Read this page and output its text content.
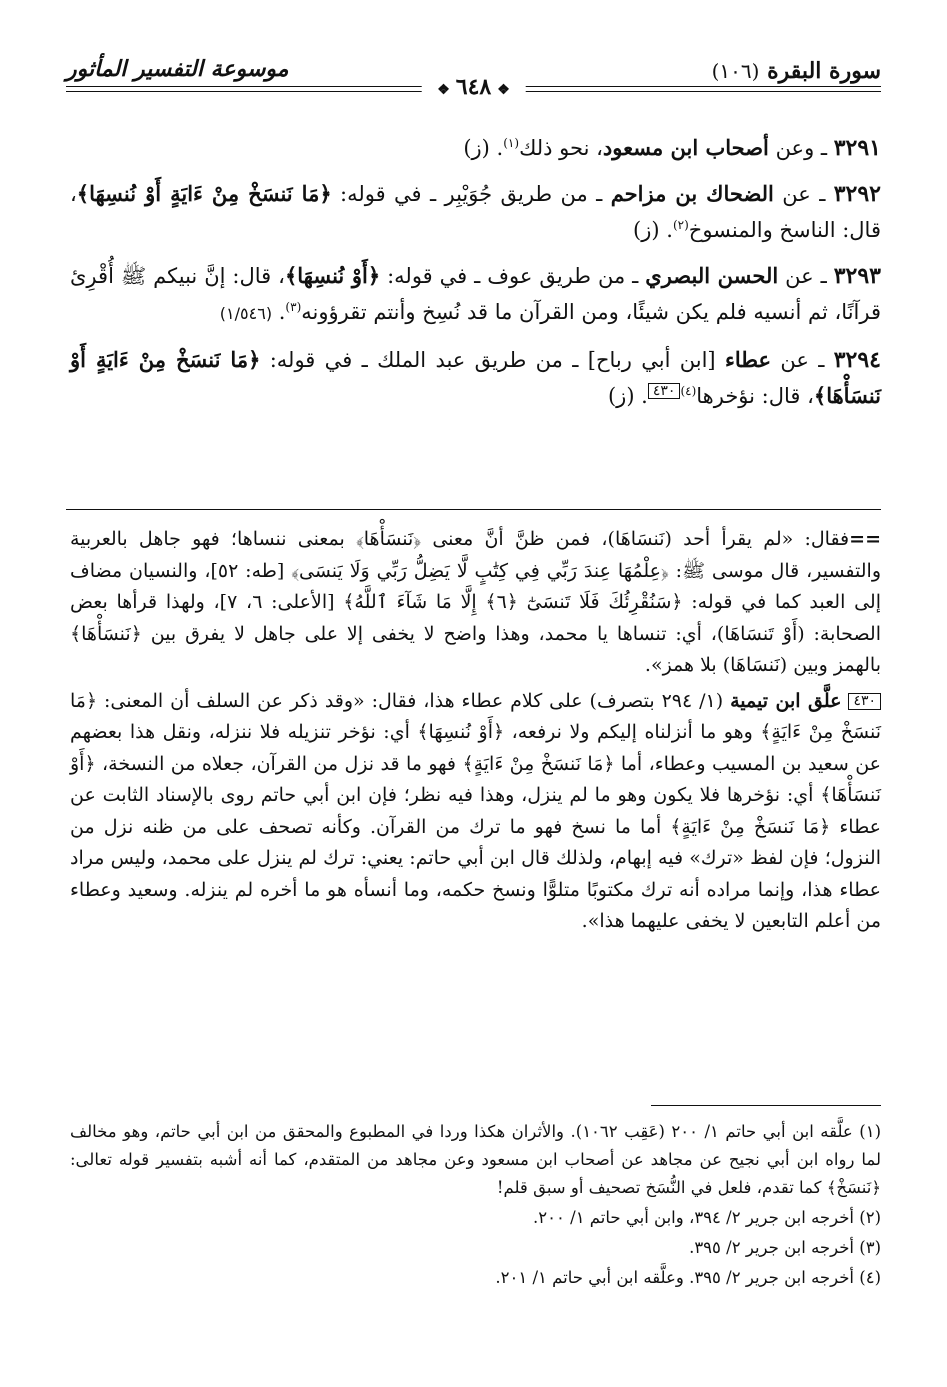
سورة البقرة (١٠٦)
موسوعة التفسير المأثور
❖٦٤٨❖

٣٢٩١ ـ وعن أصحاب ابن مسعود، نحو ذلك$^{(١)}$. (ز)

٣٢٩٢ ـ عن الضحاك بن مزاحم ـ من طريق جُوَيْبِر ـ في قوله: ﴿مَا نَنسَخْ مِنْ ءَايَةٍ أَوْ نُنسِهَا﴾، قال: الناسخ والمنسوخ$^{(٢)}$. (ز)

٣٢٩٣ ـ عن الحسن البصري ـ من طريق عوف ـ في قوله: ﴿أَوْ نُنسِهَا﴾، قال: إنَّ نبيكم ﷺ أُقْرِئ قرآنًا، ثم أنسيه فلم يكن شيئًا، ومن القرآن ما قد نُسِخ وأنتم تقرؤونه$^{(٣)}$. (١/٥٤٦)

٣٢٩٤ ـ عن عطاء [ابن أبي رباح] ـ من طريق عبد الملك ـ في قوله: ﴿مَا نَنسَخْ مِنْ ءَايَةٍ أَوْ نَنسَأْهَا﴾، قال: نؤخرها$^{(٤)}$٤٣٠. (ز)

==فقال: «لم يقرأ أحد (نَنسَاهَا)، فمن ظنَّ أنَّ معنى ﴿نَنسَأْهَا﴾ بمعنى ننساها؛ فهو جاهل بالعربية والتفسير، قال موسى ﷺ: ﴿عِلْمُهَا عِندَ رَبِّي فِي كِتَٰبٍ لَّا يَضِلُّ رَبِّي وَلَا يَنسَى﴾ [طه: ٥٢]، والنسيان مضاف إلى العبد كما في قوله: ﴿سَنُقْرِئُكَ فَلَا تَنسَىٰٓ ﴿٦﴾ إِلَّا مَا شَآءَ ٱللَّهُ﴾ [الأعلى: ٦، ٧]، ولهذا قرأها بعض الصحابة: (أَوْ تَنسَاهَا)، أي: تنساها يا محمد، وهذا واضح لا يخفى إلا على جاهل لا يفرق بين ﴿نَنسَأْهَا﴾ بالهمز وبين (نَنسَاهَا) بلا همز».

٤٣٠ علَّق ابن تيمية (١/ ٢٩٤ بتصرف) على كلام عطاء هذا، فقال: «وقد ذكر عن السلف أن المعنى: ﴿مَا نَنسَخْ مِنْ ءَايَةٍ﴾ وهو ما أنزلناه إليكم ولا نرفعه، ﴿أَوْ نُنسِهَا﴾ أي: نؤخر تنزيله فلا ننزله، ونقل هذا بعضهم عن سعيد بن المسيب وعطاء، أما ﴿مَا نَنسَخْ مِنْ ءَايَةٍ﴾ فهو ما قد نزل من القرآن، جعلاه من النسخة، ﴿أَوْ نَنسَأْهَا﴾ أي: نؤخرها فلا يكون وهو ما لم ينزل، وهذا فيه نظر؛ فإن ابن أبي حاتم روى بالإسناد الثابت عن عطاء ﴿مَا نَنسَخْ مِنْ ءَايَةٍ﴾ أما ما نسخ فهو ما ترك من القرآن. وكأنه تصحف على من ظنه نزل من النزول؛ فإن لفظ «ترك» فيه إبهام، ولذلك قال ابن أبي حاتم: يعني: ترك لم ينزل على محمد، وليس مراد عطاء هذا، وإنما مراده أنه ترك مكتوبًا متلوًّا ونسخ حكمه، وما أنسأه هو ما أخره لم ينزله. وسعيد وعطاء من أعلم التابعين لا يخفى عليهما هذا».

(١) علَّقه ابن أبي حاتم ١/ ٢٠٠ (عَقِب ١٠٦٢). والأثران هكذا وردا في المطبوع والمحقق من ابن أبي حاتم، وهو مخالف لما رواه ابن أبي نجيح عن مجاهد عن أصحاب ابن مسعود وعن مجاهد من المتقدم، كما أنه أشبه بتفسير قوله تعالى: ﴿نَنسَخْ﴾ كما تقدم، فلعل في النُّسَخ تصحيف أو سبق قلم!

(٢) أخرجه ابن جرير ٢/ ٣٩٤، وابن أبي حاتم ١/ ٢٠٠.

(٣) أخرجه ابن جرير ٢/ ٣٩٥.

(٤) أخرجه ابن جرير ٢/ ٣٩٥. وعلَّقه ابن أبي حاتم ١/ ٢٠١.
